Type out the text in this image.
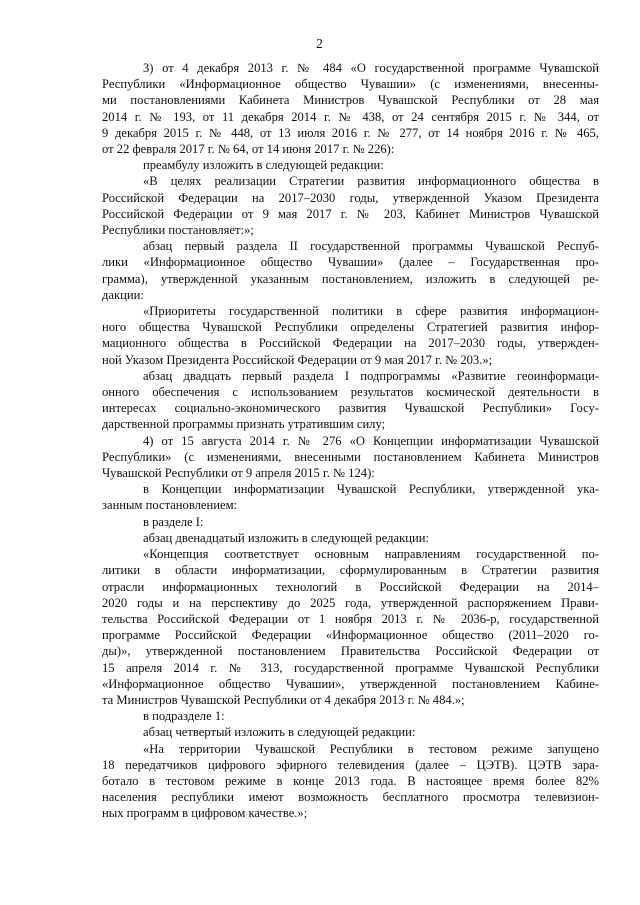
2
3) от 4 декабря 2013 г. № 484 «О государственной программе Чувашской
Республики «Информационное общество Чувашии» (с изменениями, внесенны-
ми постановлениями Кабинета Министров Чувашской Республики от 28 мая
2014 г. № 193, от 11 декабря 2014 г. № 438, от 24 сентября 2015 г. № 344, от
9 декабря 2015 г. № 448, от 13 июля 2016 г. № 277, от 14 ноября 2016 г. № 465,
от 22 февраля 2017 г. № 64, от 14 июня 2017 г. № 226):
преамбулу изложить в следующей редакции:
«В целях реализации Стратегии развития информационного общества в
Российской Федерации на 2017–2030 годы, утвержденной Указом Президента
Российской Федерации от 9 мая 2017 г. № 203, Кабинет Министров Чувашской
Республики постановляет:»;
абзац первый раздела II государственной программы Чувашской Респуб-
лики «Информационное общество Чувашии» (далее – Государственная про-
грамма), утвержденной указанным постановлением, изложить в следующей ре-
дакции:
«Приоритеты государственной политики в сфере развития информацион-
ного общества Чувашской Республики определены Стратегией развития инфор-
мационного общества в Российской Федерации на 2017–2030 годы, утвержден-
ной Указом Президента Российской Федерации от 9 мая 2017 г. № 203.»;
абзац двадцать первый раздела I подпрограммы «Развитие геоинформаци-
онного обеспечения с использованием результатов космической деятельности в
интересах социально-экономического развития Чувашской Республики» Госу-
дарственной программы признать утратившим силу;
4) от 15 августа 2014 г. № 276 «О Концепции информатизации Чувашской
Республики» (с изменениями, внесенными постановлением Кабинета Министров
Чувашской Республики от 9 апреля 2015 г. № 124):
в Концепции информатизации Чувашской Республики, утвержденной ука-
занным постановлением:
в разделе I:
абзац двенадцатый изложить в следующей редакции:
«Концепция соответствует основным направлениям государственной по-
литики в области информатизации, сформулированным в Стратегии развития
отрасли информационных технологий в Российской Федерации на 2014–
2020 годы и на перспективу до 2025 года, утвержденной распоряжением Прави-
тельства Российской Федерации от 1 ноября 2013 г. № 2036-р, государственной
программе Российской Федерации «Информационное общество (2011–2020 го-
ды)», утвержденной постановлением Правительства Российской Федерации от
15 апреля 2014 г. № 313, государственной программе Чувашской Республики
«Информационное общество Чувашии», утвержденной постановлением Кабине-
та Министров Чувашской Республики от 4 декабря 2013 г. № 484.»;
в подразделе 1:
абзац четвертый изложить в следующей редакции:
«На территории Чувашской Республики в тестовом режиме запущено
18 передатчиков цифрового эфирного телевидения (далее – ЦЭТВ). ЦЭТВ зара-
ботало в тестовом режиме в конце 2013 года. В настоящее время более 82%
населения республики имеют возможность бесплатного просмотра телевизион-
ных программ в цифровом качестве.»;
